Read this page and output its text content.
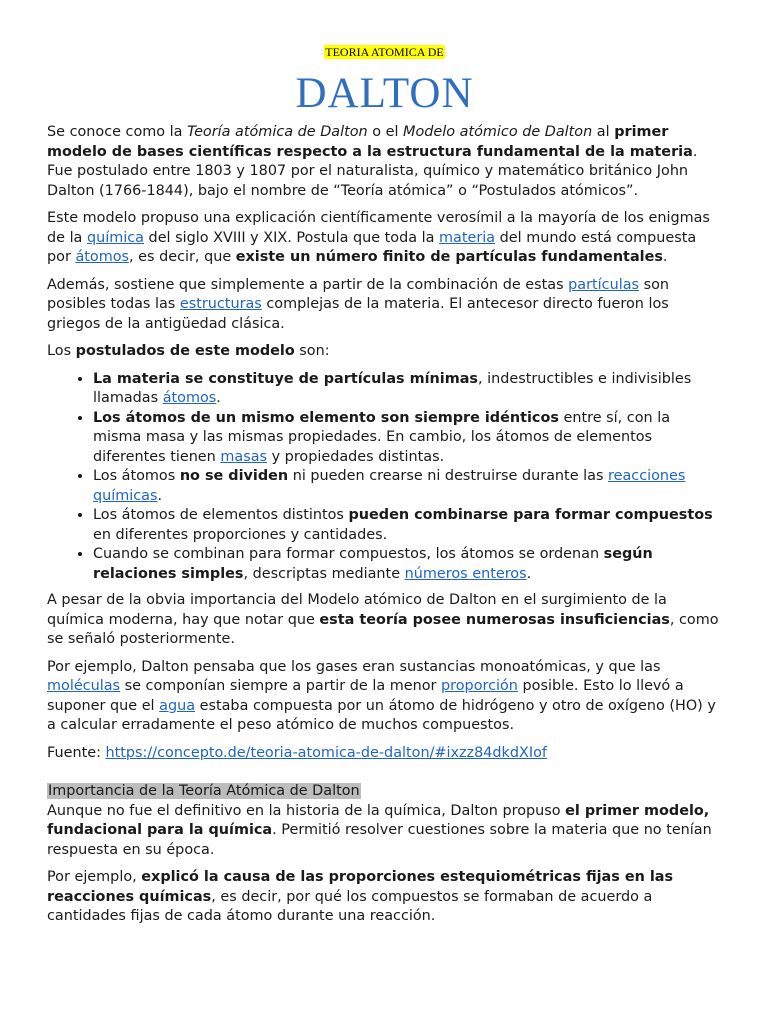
TEORIA ATOMICA DE
DALTON

Se conoce como la Teoría atómica de Dalton o el Modelo atómico de Dalton al primer modelo de bases científicas respecto a la estructura fundamental de la materia. Fue postulado entre 1803 y 1807 por el naturalista, químico y matemático británico John Dalton (1766-1844), bajo el nombre de “Teoría atómica” o “Postulados atómicos”.

Este modelo propuso una explicación científicamente verosímil a la mayoría de los enigmas de la química del siglo XVIII y XIX. Postula que toda la materia del mundo está compuesta por átomos, es decir, que existe un número finito de partículas fundamentales.

Además, sostiene que simplemente a partir de la combinación de estas partículas son posibles todas las estructuras complejas de la materia. El antecesor directo fueron los griegos de la antigüedad clásica.

Los postulados de este modelo son:

• La materia se constituye de partículas mínimas, indestructibles e indivisibles llamadas átomos.
• Los átomos de un mismo elemento son siempre idénticos entre sí, con la misma masa y las mismas propiedades. En cambio, los átomos de elementos diferentes tienen masas y propiedades distintas.
• Los átomos no se dividen ni pueden crearse ni destruirse durante las reacciones químicas.
• Los átomos de elementos distintos pueden combinarse para formar compuestos en diferentes proporciones y cantidades.
• Cuando se combinan para formar compuestos, los átomos se ordenan según relaciones simples, descriptas mediante números enteros.

A pesar de la obvia importancia del Modelo atómico de Dalton en el surgimiento de la química moderna, hay que notar que esta teoría posee numerosas insuficiencias, como se señaló posteriormente.

Por ejemplo, Dalton pensaba que los gases eran sustancias monoatómicas, y que las moléculas se componían siempre a partir de la menor proporción posible. Esto lo llevó a suponer que el agua estaba compuesta por un átomo de hidrógeno y otro de oxígeno (HO) y a calcular erradamente el peso atómico de muchos compuestos.

Fuente: https://concepto.de/teoria-atomica-de-dalton/#ixzz84dkdXIof

Importancia de la Teoría Atómica de Dalton

Aunque no fue el definitivo en la historia de la química, Dalton propuso el primer modelo, fundacional para la química. Permitió resolver cuestiones sobre la materia que no tenían respuesta en su época.

Por ejemplo, explicó la causa de las proporciones estequiométricas fijas en las reacciones químicas, es decir, por qué los compuestos se formaban de acuerdo a cantidades fijas de cada átomo durante una reacción.
